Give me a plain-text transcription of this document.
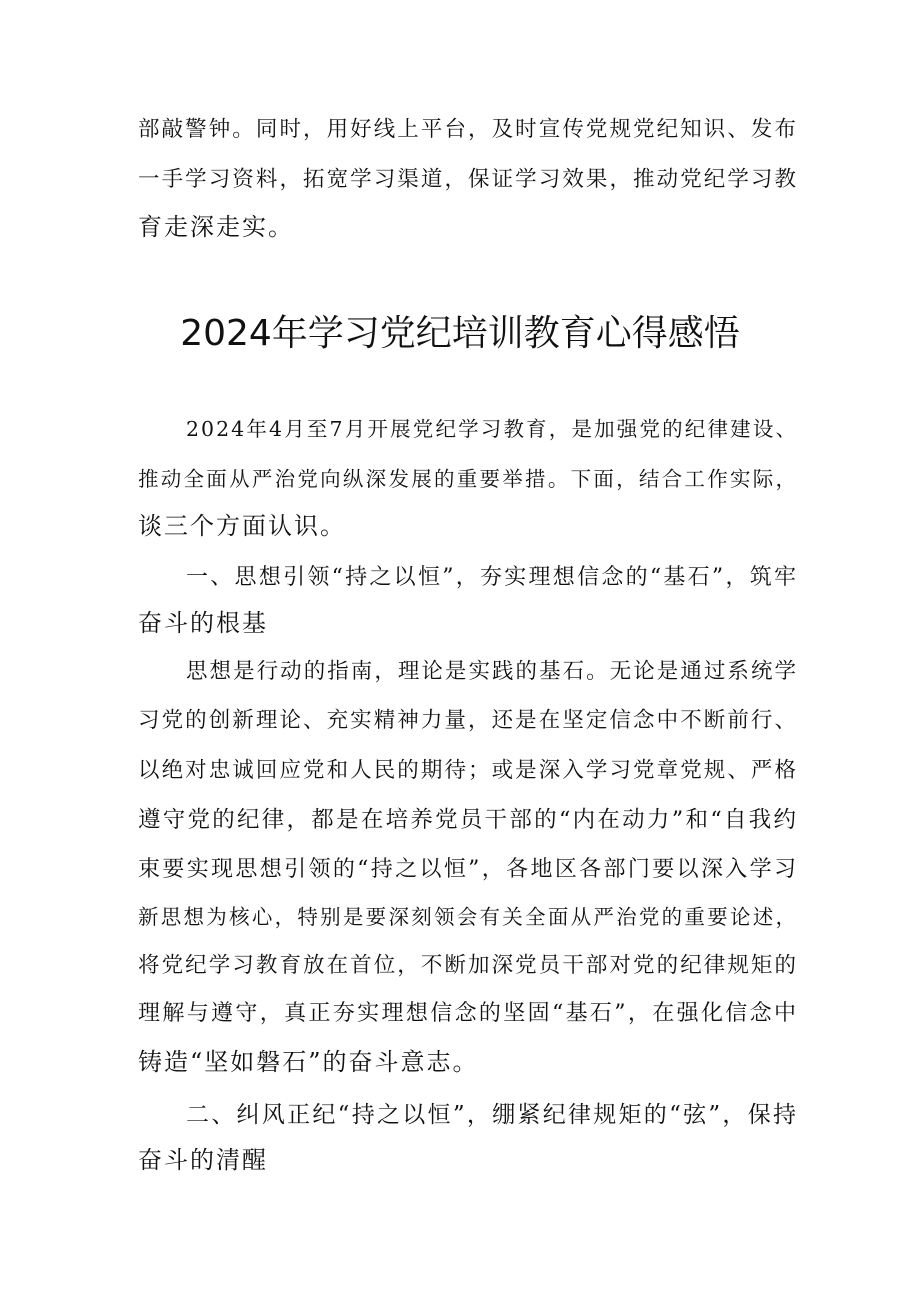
部敲警钟。同时，用好线上平台，及时宣传党规党纪知识、发布
一手学习资料，拓宽学习渠道，保证学习效果，推动党纪学习教
育走深走实。
2024年学习党纪培训教育心得感悟
2024年4月至7月开展党纪学习教育，是加强党的纪律建设、
推动全面从严治党向纵深发展的重要举措。下面，结合工作实际，
谈三个方面认识。
一、思想引领“持之以恒”，夯实理想信念的“基石”，筑牢
奋斗的根基
思想是行动的指南，理论是实践的基石。无论是通过系统学
习党的创新理论、充实精神力量，还是在坚定信念中不断前行、
以绝对忠诚回应党和人民的期待；或是深入学习党章党规、严格
遵守党的纪律，都是在培养党员干部的“内在动力”和“自我约
束要实现思想引领的“持之以恒”，各地区各部门要以深入学习
新思想为核心，特别是要深刻领会有关全面从严治党的重要论述，
将党纪学习教育放在首位，不断加深党员干部对党的纪律规矩的
理解与遵守，真正夯实理想信念的坚固“基石”，在强化信念中
铸造“坚如磐石”的奋斗意志。
二、纠风正纪“持之以恒”，绷紧纪律规矩的“弦”，保持
奋斗的清醒
